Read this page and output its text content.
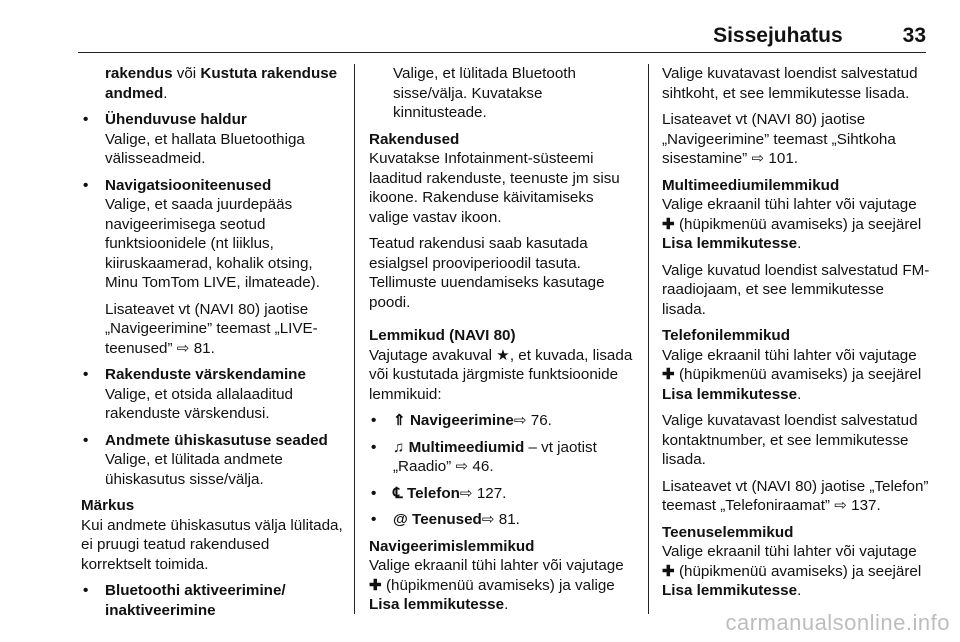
Sissejuhatus	33

rakendus või Kustuta rakenduse andmed.

• Ühenduvuse haldur

Valige, et hallata Bluetoothiga välisseadmeid.

• Navigatsiooniteenused

Valige, et saada juurdepääs navigeerimisega seotud funktsioonidele (nt liiklus, kiiruskaamerad, kohalik otsing, Minu TomTom LIVE, ilmateade).

Lisateavet vt (NAVI 80) jaotise „Navigeerimine” teemast „LIVE-teenused” ⇨ 81.

• Rakenduste värskendamine

Valige, et otsida allalaaditud rakenduste värskendusi.

• Andmete ühiskasutuse seaded

Valige, et lülitada andmete ühiskasutus sisse/välja.

Märkus

Kui andmete ühiskasutus välja lülitada, ei pruugi teatud rakendused korrektselt toimida.

• Bluetoothi aktiveerimine/ inaktiveerimine

Valige, et lülitada Bluetooth sisse/välja. Kuvatakse kinnitusteade.

Rakendused

Kuvatakse Infotainment-süsteemi laaditud rakenduste, teenuste jm sisu ikoone. Rakenduse käivitamiseks valige vastav ikoon.

Teatud rakendusi saab kasutada esialgsel prooviperioodil tasuta. Tellimuste uuendamiseks kasutage poodi.

Lemmikud (NAVI 80)

Vajutage avakuval ★, et kuvada, lisada või kustutada järgmiste funktsioonide lemmikuid:

• ⇑ Navigeerimine⇨ 76.

• ♫ Multimeediumid – vt jaotist „Raadio” ⇨ 46.

• ℄ Telefon⇨ 127.

• @ Teenused⇨ 81.

Navigeerimislemmikud

Valige ekraanil tühi lahter või vajutage ✚ (hüpikmenüü avamiseks) ja valige Lisa lemmikutesse.

Valige kuvatavast loendist salvestatud sihtkoht, et see lemmikutesse lisada.

Lisateavet vt (NAVI 80) jaotise „Navigeerimine” teemast „Sihtkoha sisestamine” ⇨ 101.

Multimeediumilemmikud

Valige ekraanil tühi lahter või vajutage ✚ (hüpikmenüü avamiseks) ja seejärel Lisa lemmikutesse.

Valige kuvatud loendist salvestatud FM-raadiojaam, et see lemmikutesse lisada.

Telefonilemmikud

Valige ekraanil tühi lahter või vajutage ✚ (hüpikmenüü avamiseks) ja seejärel Lisa lemmikutesse.

Valige kuvatavast loendist salvestatud kontaktnumber, et see lemmikutesse lisada.

Lisateavet vt (NAVI 80) jaotise „Telefon” teemast „Telefoniraamat” ⇨ 137.

Teenuselemmikud

Valige ekraanil tühi lahter või vajutage ✚ (hüpikmenüü avamiseks) ja seejärel Lisa lemmikutesse.

carmanualsonline.info
